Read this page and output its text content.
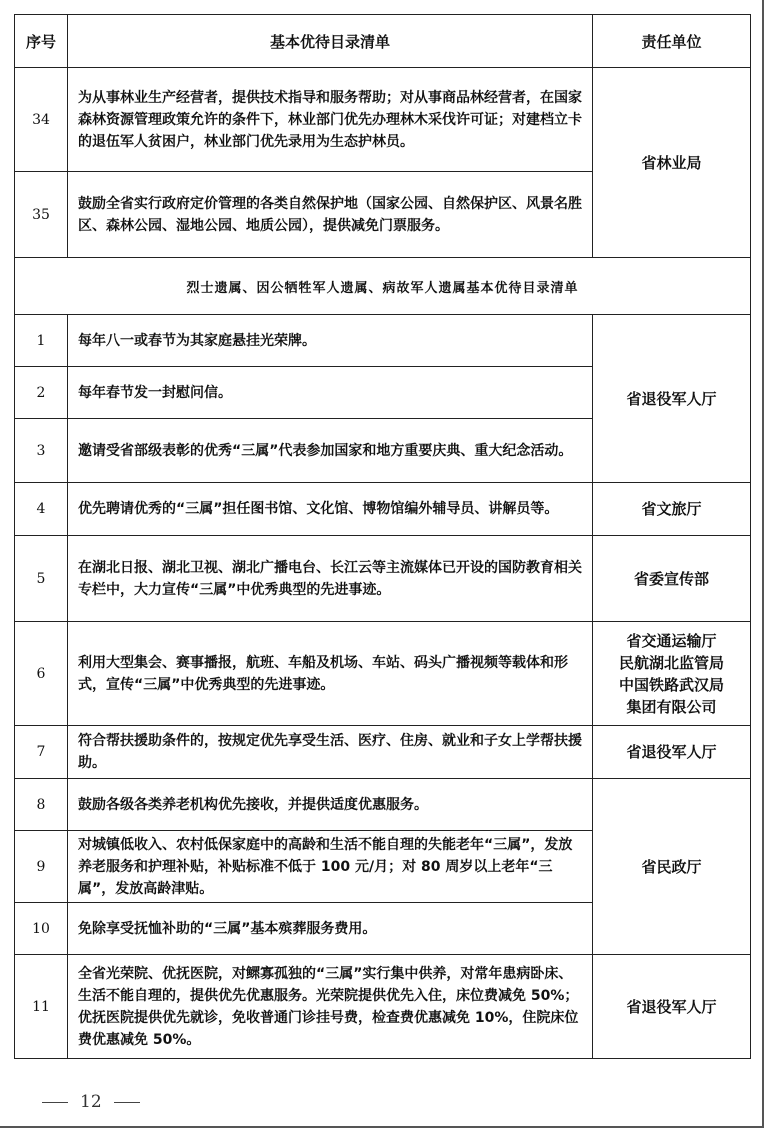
序号	基本优待目录清单	责任单位
34	为从事林业生产经营者，提供技术指导和服务帮助；对从事商品林经营者，在国家森林资源管理政策允许的条件下，林业部门优先办理林木采伐许可证；对建档立卡的退伍军人贫困户，林业部门优先录用为生态护林员。	省林业局
35	鼓励全省实行政府定价管理的各类自然保护地（国家公园、自然保护区、风景名胜区、森林公园、湿地公园、地质公园），提供减免门票服务。	
烈士遗属、因公牺牲军人遗属、病故军人遗属基本优待目录清单		
1	每年八一或春节为其家庭悬挂光荣牌。	省退役军人厅
2	每年春节发一封慰问信。	
3	邀请受省部级表彰的优秀“三属”代表参加国家和地方重要庆典、重大纪念活动。	
4	优先聘请优秀的“三属”担任图书馆、文化馆、博物馆编外辅导员、讲解员等。	省文旅厅
5	在湖北日报、湖北卫视、湖北广播电台、长江云等主流媒体已开设的国防教育相关专栏中，大力宣传“三属”中优秀典型的先进事迹。	省委宣传部
6	利用大型集会、赛事播报，航班、车船及机场、车站、码头广播视频等载体和形式，宣传“三属”中优秀典型的先进事迹。	省交通运输厅
民航湖北监管局
中国铁路武汉局
集团有限公司
7	符合帮扶援助条件的，按规定优先享受生活、医疗、住房、就业和子女上学帮扶援助。	省退役军人厅
8	鼓励各级各类养老机构优先接收，并提供适度优惠服务。	省民政厅
9	对城镇低收入、农村低保家庭中的高龄和生活不能自理的失能老年“三属”，发放养老服务和护理补贴，补贴标准不低于 100 元/月；对 80 周岁以上老年“三属”，发放高龄津贴。	
10	免除享受抚恤补助的“三属”基本殡葬服务费用。	
11	全省光荣院、优抚医院，对鳏寡孤独的“三属”实行集中供养，对常年患病卧床、生活不能自理的，提供优先优惠服务。光荣院提供优先入住，床位费减免 50%；优抚医院提供优先就诊，免收普通门诊挂号费，检查费优惠减免 10%，住院床位费优惠减免 50%。	省退役军人厅
12
